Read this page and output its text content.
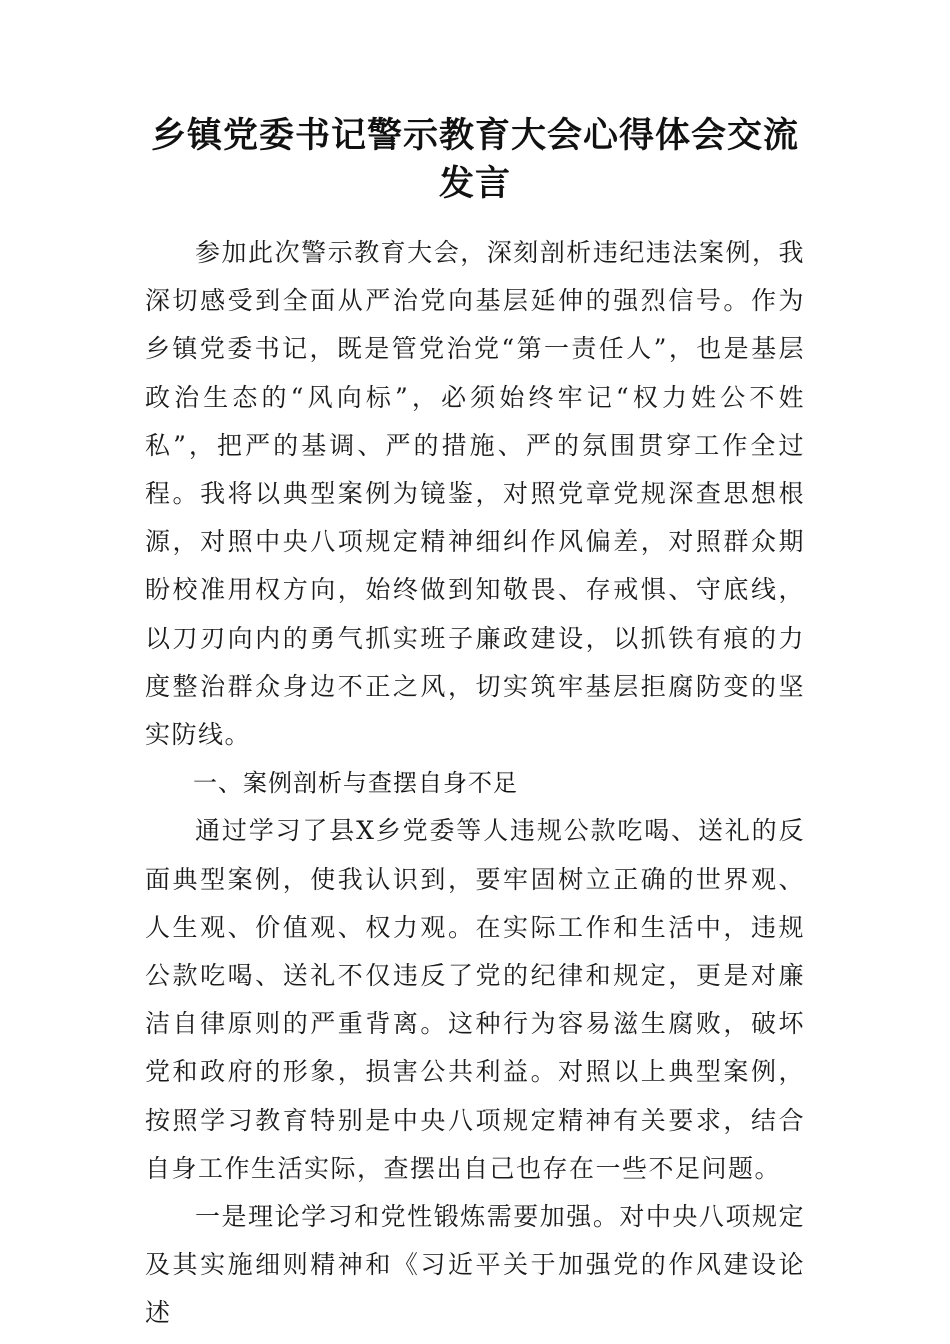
乡镇党委书记警示教育大会心得体会交流发言

参加此次警示教育大会，深刻剖析违纪违法案例，我深切感受到全面从严治党向基层延伸的强烈信号。作为乡镇党委书记，既是管党治党“第一责任人”，也是基层政治生态的“风向标”，必须始终牢记“权力姓公不姓私”，把严的基调、严的措施、严的氛围贯穿工作全过程。我将以典型案例为镜鉴，对照党章党规深查思想根源，对照中央八项规定精神细纠作风偏差，对照群众期盼校准用权方向，始终做到知敬畏、存戒惧、守底线，以刀刃向内的勇气抓实班子廉政建设，以抓铁有痕的力度整治群众身边不正之风，切实筑牢基层拒腐防变的坚实防线。

一、案例剖析与查摆自身不足

通过学习了县X乡党委等人违规公款吃喝、送礼的反面典型案例，使我认识到，要牢固树立正确的世界观、人生观、价值观、权力观。在实际工作和生活中，违规公款吃喝、送礼不仅违反了党的纪律和规定，更是对廉洁自律原则的严重背离。这种行为容易滋生腐败，破坏党和政府的形象，损害公共利益。对照以上典型案例，按照学习教育特别是中央八项规定精神有关要求，结合自身工作生活实际，查摆出自己也存在一些不足问题。

一是理论学习和党性锻炼需要加强。对中央八项规定及其实施细则精神和《习近平关于加强党的作风建设论述
